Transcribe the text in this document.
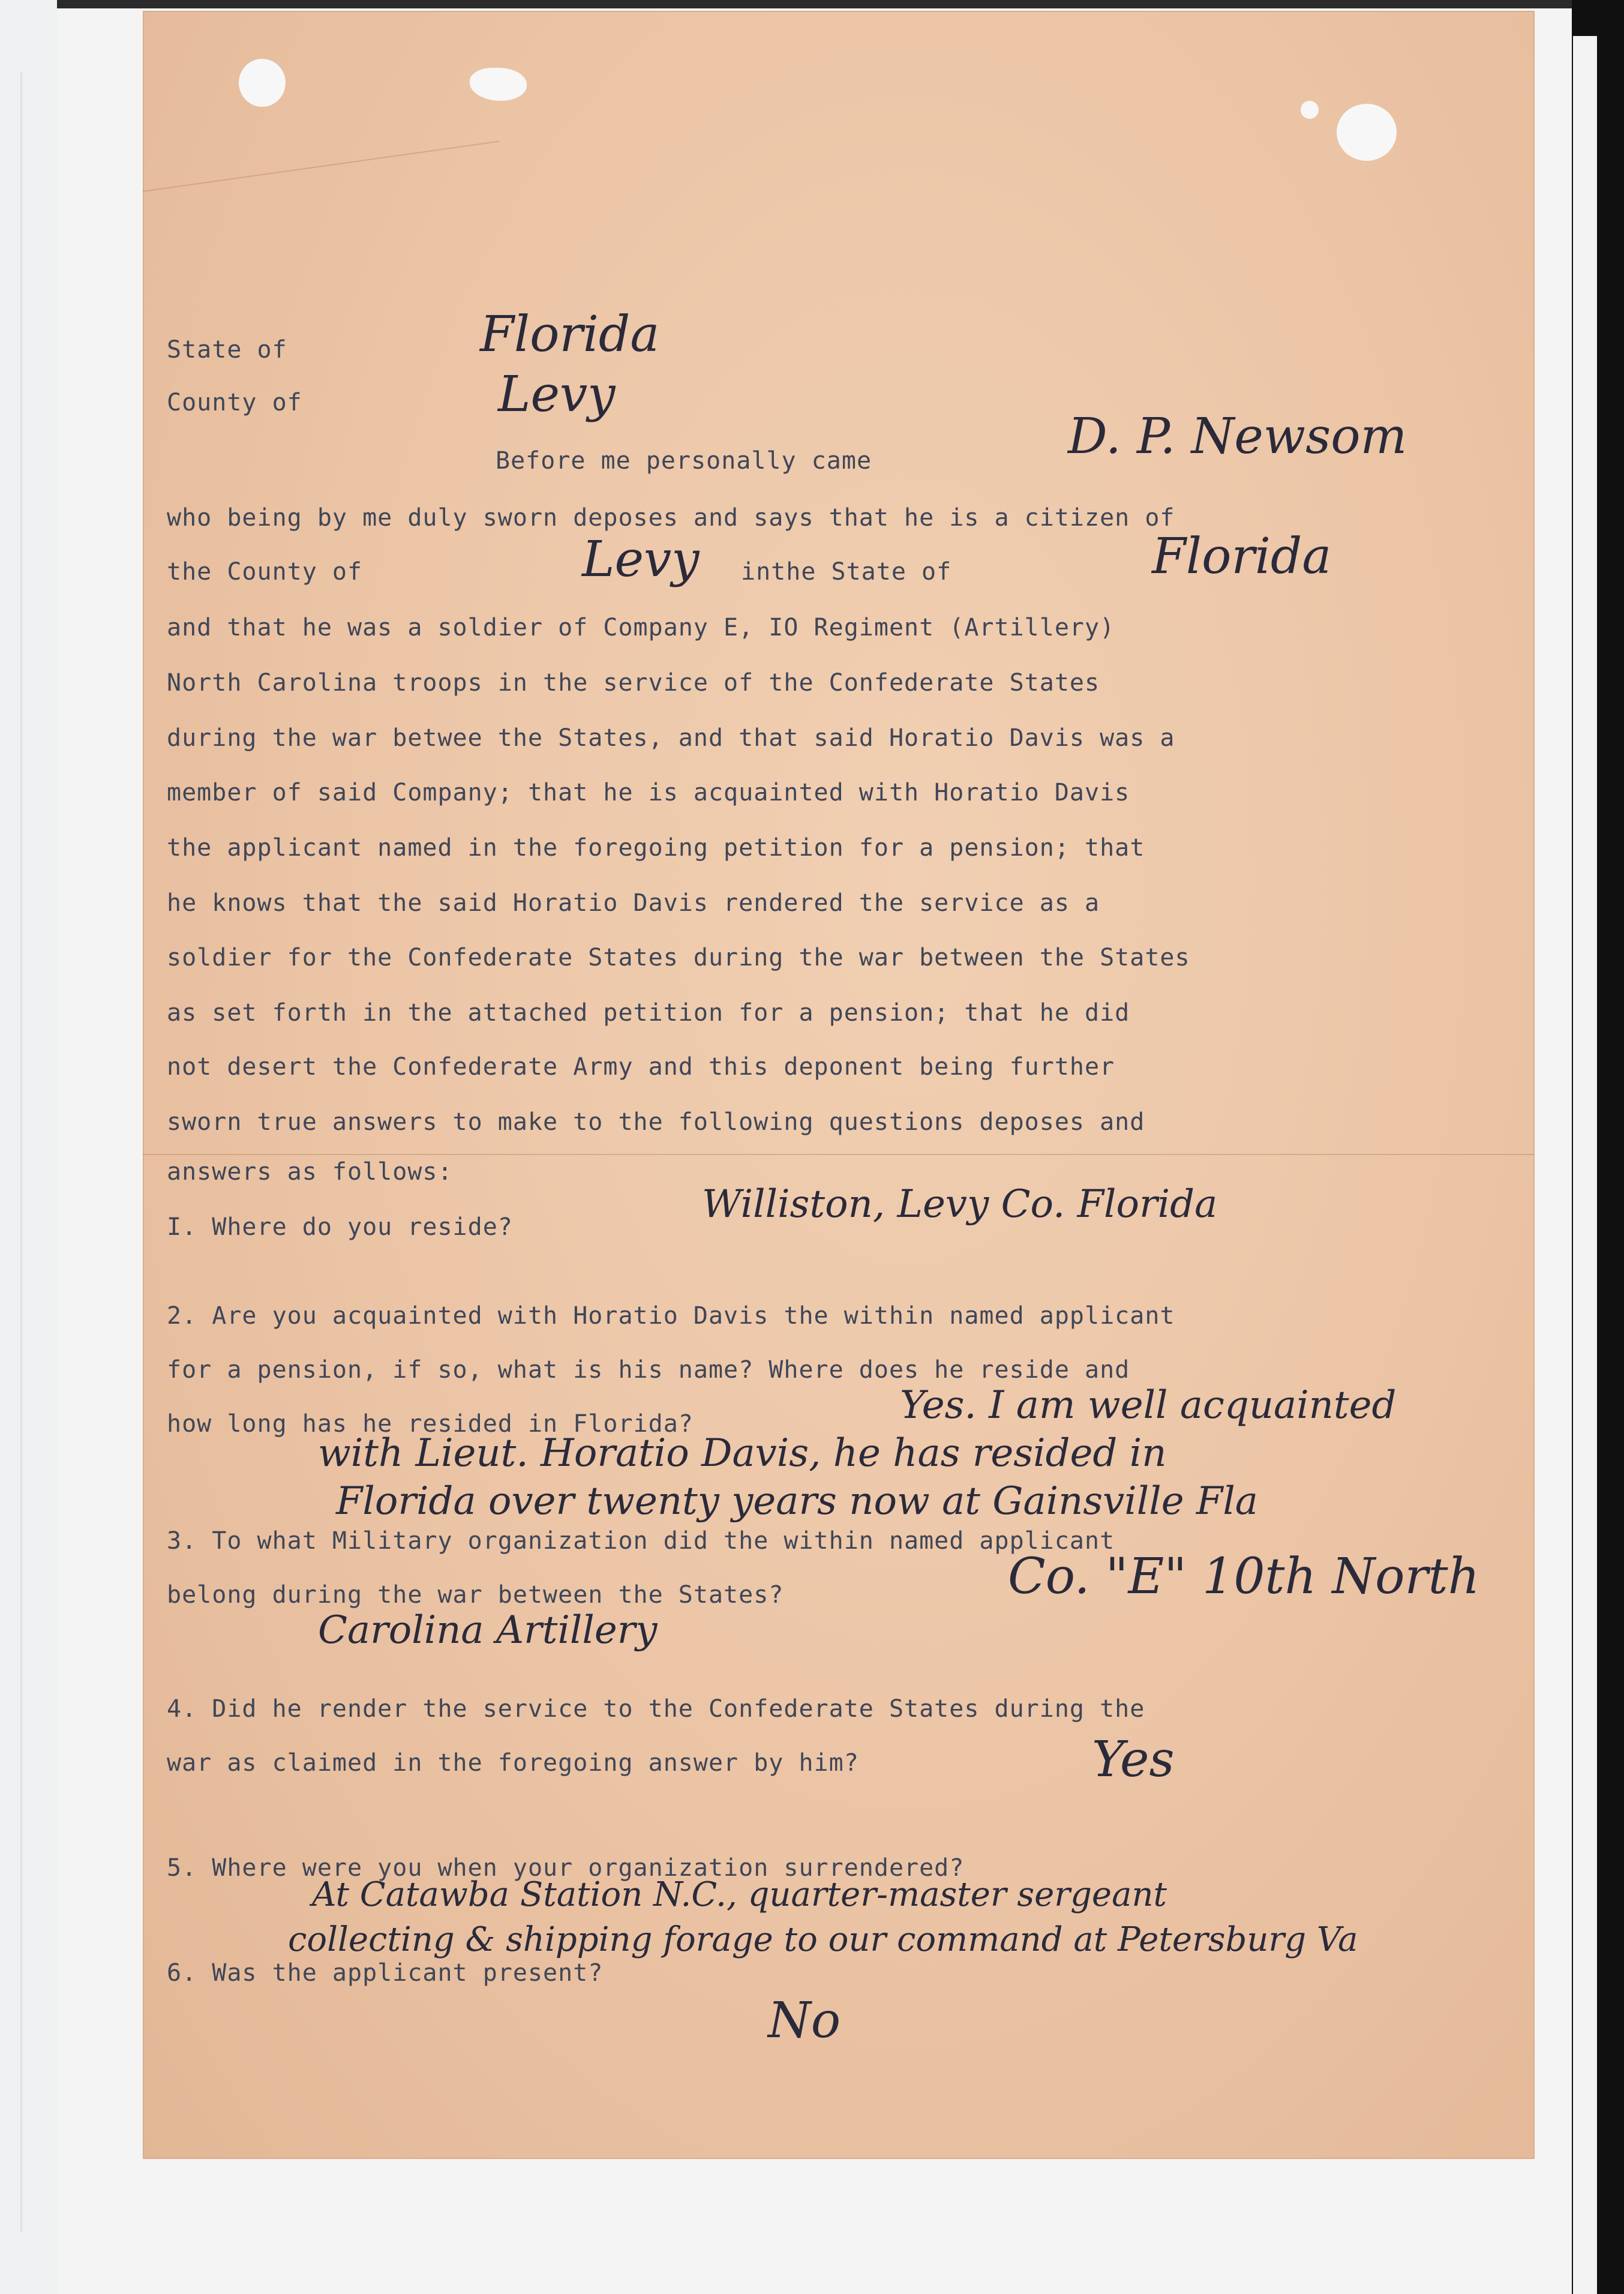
State of
County of
Before me personally came
who being by me duly sworn deposes and says that he is a citizen of
the County of	inthe State of
and that he was a soldier of Company E, IO Regiment (Artillery)
North Carolina troops in the service of the Confederate States
during the war betwee the States, and that said Horatio Davis was a
member of said Company; that he is acquainted with Horatio Davis
the applicant named in the foregoing petition for a pension; that
he knows that the said Horatio Davis rendered the service as a
soldier for the Confederate States during the war between the States
as set forth in the attached petition for a pension; that he did
not desert the Confederate Army and this deponent being further
sworn true answers to make to the following questions deposes and
answers as follows:
I. Where do you reside?
2. Are you acquainted with Horatio Davis the within named applicant
for a pension, if so, what is his name? Where does he reside and
how long has he resided in Florida?
3. To what Military organization did the within named applicant
belong during the war between the States?
4. Did he render the service to the Confederate States during the
war as claimed in the foregoing answer by him?
5. Where were you when your organization surrendered?
6. Was the applicant present?
Florida
Levy
D. P. Newsom
Levy	Florida
Williston, Levy Co. Florida
Yes. I am well acquainted
with Lieut. Horatio Davis, he has resided in
Florida over twenty years now at Gainsville Fla
Co. "E" 10th North
Carolina Artillery
Yes
At Catawba Station N.C., quarter-master sergeant
collecting & shipping forage to our command at Petersburg Va
No
